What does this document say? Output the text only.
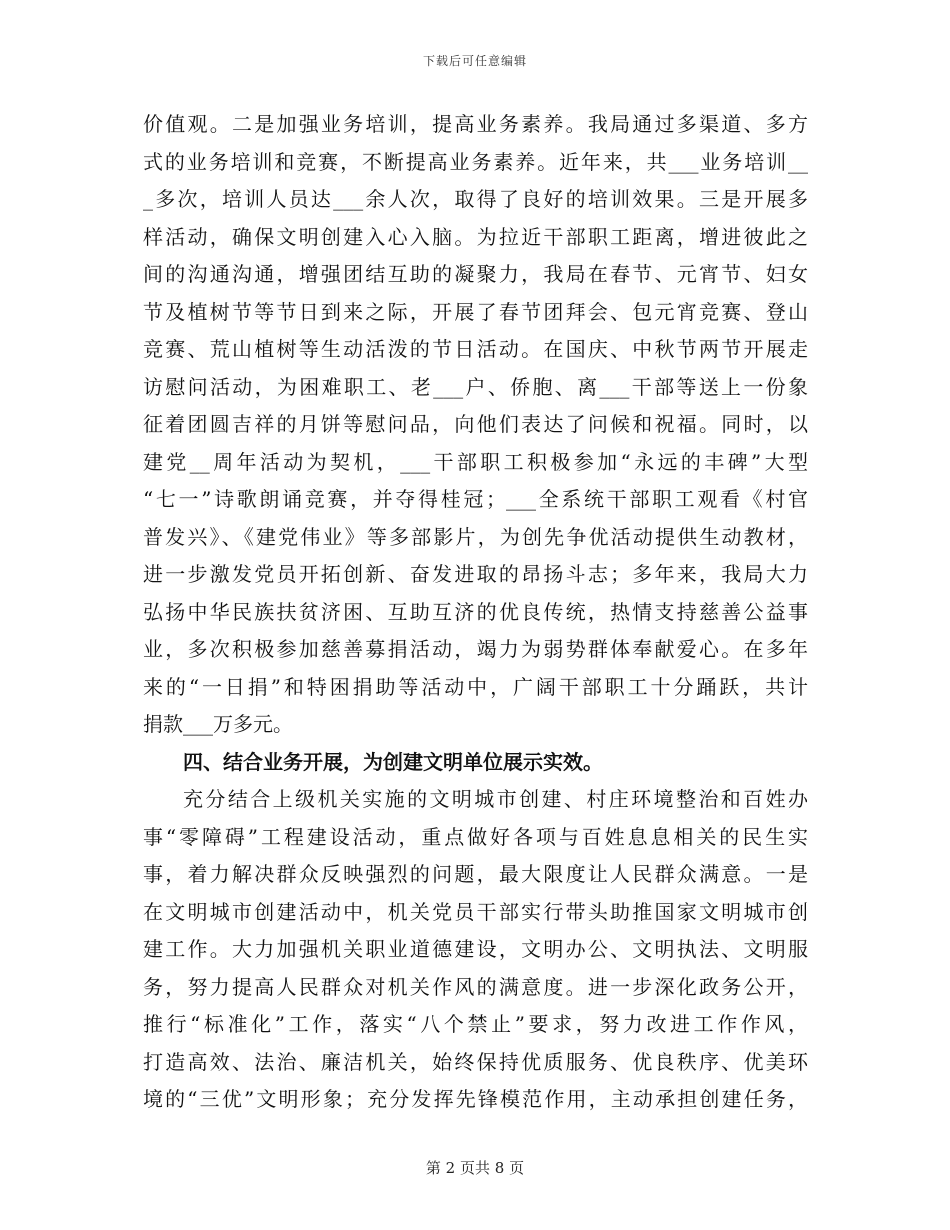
下载后可任意编辑
价值观。二是加强业务培训，提高业务素养。我局通过多渠道、多方
式的业务培训和竞赛，不断提高业务素养。近年来，共___业务培训__
_多次，培训人员达___余人次，取得了良好的培训效果。三是开展多
样活动，确保文明创建入心入脑。为拉近干部职工距离，增进彼此之
间的沟通沟通，增强团结互助的凝聚力，我局在春节、元宵节、妇女
节及植树节等节日到来之际，开展了春节团拜会、包元宵竞赛、登山
竞赛、荒山植树等生动活泼的节日活动。在国庆、中秋节两节开展走
访慰问活动，为困难职工、老___户、侨胞、离___干部等送上一份象
征着团圆吉祥的月饼等慰问品，向他们表达了问候和祝福。同时，以
建党__周年活动为契机，___干部职工积极参加“永远的丰碑”大型
“七一”诗歌朗诵竞赛，并夺得桂冠；___全系统干部职工观看《村官
普发兴》、《建党伟业》等多部影片，为创先争优活动提供生动教材，
进一步激发党员开拓创新、奋发进取的昂扬斗志；多年来，我局大力
弘扬中华民族扶贫济困、互助互济的优良传统，热情支持慈善公益事
业，多次积极参加慈善募捐活动，竭力为弱势群体奉献爱心。在多年
来的“一日捐”和特困捐助等活动中，广阔干部职工十分踊跃，共计
捐款___万多元。
四、结合业务开展，为创建文明单位展示实效。
充分结合上级机关实施的文明城市创建、村庄环境整治和百姓办
事“零障碍”工程建设活动，重点做好各项与百姓息息相关的民生实
事，着力解决群众反映强烈的问题，最大限度让人民群众满意。一是
在文明城市创建活动中，机关党员干部实行带头助推国家文明城市创
建工作。大力加强机关职业道德建设，文明办公、文明执法、文明服
务，努力提高人民群众对机关作风的满意度。进一步深化政务公开，
推行“标准化”工作，落实“八个禁止”要求，努力改进工作作风，
打造高效、法治、廉洁机关，始终保持优质服务、优良秩序、优美环
境的“三优”文明形象；充分发挥先锋模范作用，主动承担创建任务，
第 2 页共 8 页
